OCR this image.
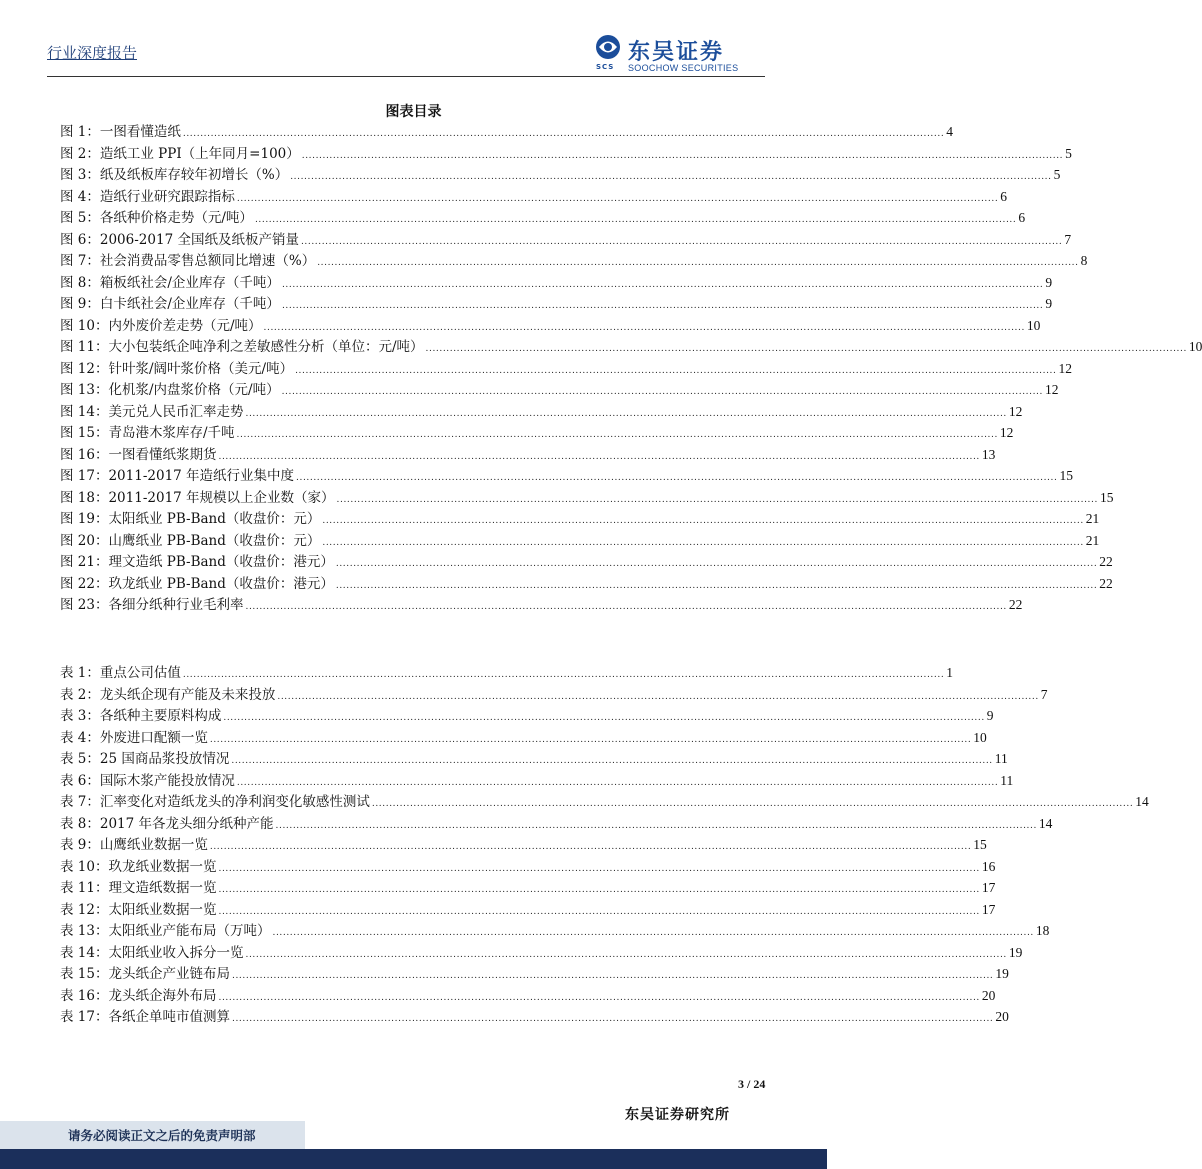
行业深度报告
SCS
东吴证券
SOOCHOW SECURITIES
图表目录
图 1：一图看懂造纸 ............................................................................................................................................................................................................................ 4
图 2：造纸工业 PPI（上年同月=100） ............................................................................................................................................................................................................................ 5
图 3：纸及纸板库存较年初增长（%） ............................................................................................................................................................................................................................ 5
图 4：造纸行业研究跟踪指标 ............................................................................................................................................................................................................................ 6
图 5：各纸种价格走势（元/吨） ............................................................................................................................................................................................................................ 6
图 6：2006-2017 全国纸及纸板产销量 ............................................................................................................................................................................................................................ 7
图 7：社会消费品零售总额同比增速（%） ............................................................................................................................................................................................................................ 8
图 8：箱板纸社会/企业库存（千吨） ............................................................................................................................................................................................................................ 9
图 9：白卡纸社会/企业库存（千吨） ............................................................................................................................................................................................................................ 9
图 10：内外废价差走势（元/吨） ............................................................................................................................................................................................................................ 10
图 11：大小包装纸企吨净利之差敏感性分析（单位：元/吨） ............................................................................................................................................................................................................................ 10
图 12：针叶浆/阔叶浆价格（美元/吨） ............................................................................................................................................................................................................................ 12
图 13：化机浆/内盘浆价格（元/吨） ............................................................................................................................................................................................................................ 12
图 14：美元兑人民币汇率走势 ............................................................................................................................................................................................................................ 12
图 15：青岛港木浆库存/千吨 ............................................................................................................................................................................................................................ 12
图 16：一图看懂纸浆期货 ............................................................................................................................................................................................................................ 13
图 17：2011-2017 年造纸行业集中度 ............................................................................................................................................................................................................................ 15
图 18：2011-2017 年规模以上企业数（家） ............................................................................................................................................................................................................................ 15
图 19：太阳纸业 PB-Band（收盘价：元） ............................................................................................................................................................................................................................ 21
图 20：山鹰纸业 PB-Band（收盘价：元） ............................................................................................................................................................................................................................ 21
图 21：理文造纸 PB-Band（收盘价：港元） ............................................................................................................................................................................................................................ 22
图 22：玖龙纸业 PB-Band（收盘价：港元） ............................................................................................................................................................................................................................ 22
图 23：各细分纸种行业毛利率 ............................................................................................................................................................................................................................ 22
表 1：重点公司估值 ............................................................................................................................................................................................................................ 1
表 2：龙头纸企现有产能及未来投放 ............................................................................................................................................................................................................................ 7
表 3：各纸种主要原料构成 ............................................................................................................................................................................................................................ 9
表 4：外废进口配额一览 ............................................................................................................................................................................................................................ 10
表 5：25 国商品浆投放情况 ............................................................................................................................................................................................................................ 11
表 6：国际木浆产能投放情况 ............................................................................................................................................................................................................................ 11
表 7：汇率变化对造纸龙头的净利润变化敏感性测试 ............................................................................................................................................................................................................................ 14
表 8：2017 年各龙头细分纸种产能 ............................................................................................................................................................................................................................ 14
表 9：山鹰纸业数据一览 ............................................................................................................................................................................................................................ 15
表 10：玖龙纸业数据一览 ............................................................................................................................................................................................................................ 16
表 11：理文造纸数据一览 ............................................................................................................................................................................................................................ 17
表 12：太阳纸业数据一览 ............................................................................................................................................................................................................................ 17
表 13：太阳纸业产能布局（万吨） ............................................................................................................................................................................................................................ 18
表 14：太阳纸业收入拆分一览 ............................................................................................................................................................................................................................ 19
表 15：龙头纸企产业链布局 ............................................................................................................................................................................................................................ 19
表 16：龙头纸企海外布局 ............................................................................................................................................................................................................................ 20
表 17：各纸企单吨市值测算 ............................................................................................................................................................................................................................ 20
3 / 24
东吴证券研究所
请务必阅读正文之后的免责声明部
